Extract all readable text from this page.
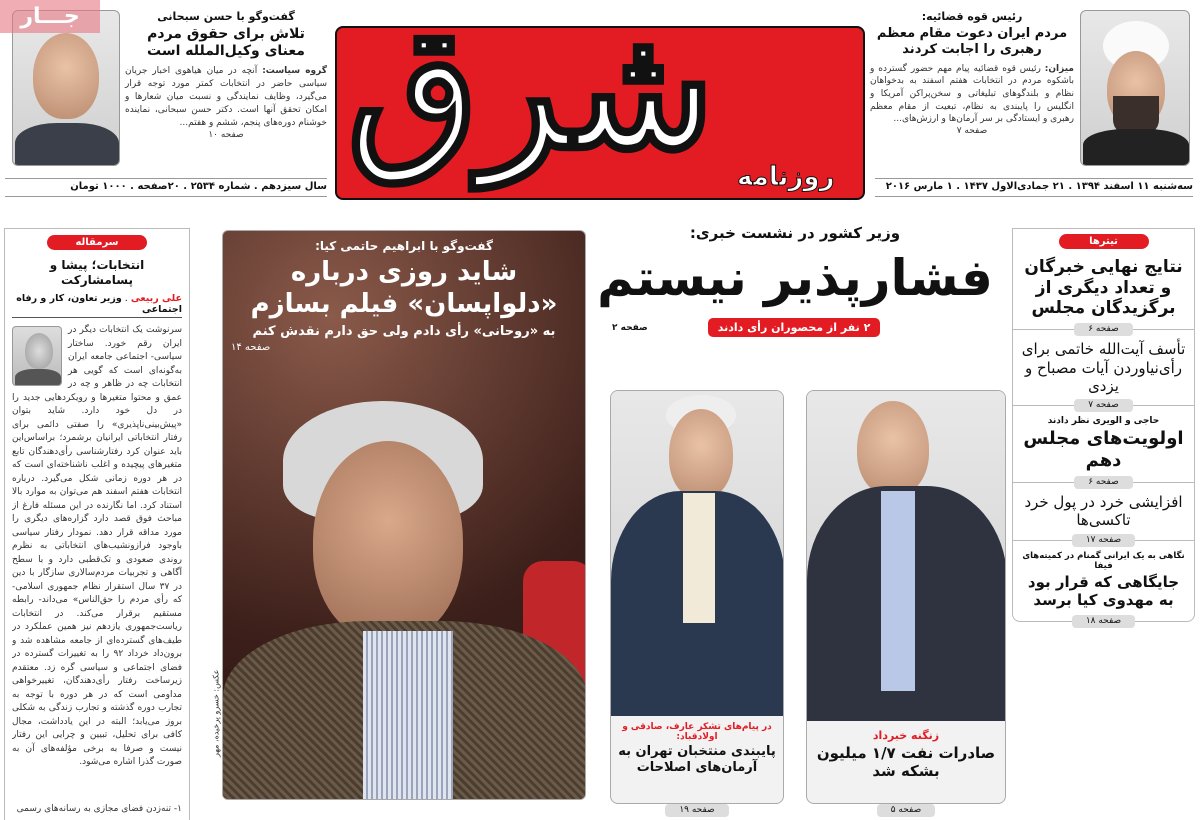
جـــار	گفت‌وگو با حسن سبحانی
تلاش برای حقوق مردم معنای وکیل‌الملله است
گروه سیاست: آنچه در میان هیاهوی اخبار جریان سیاسی حاضر در انتخابات کمتر مورد توجه قرار می‌گیرد، وظایف نمایندگی و نسبت میان شعارها و امکان تحقق آنها است. دکتر حسن سبحانی، نماینده خوشنام دوره‌های پنجم، ششم و هفتم...
صفحه ۱۰
سال سیزدهم . شماره ۲۵۳۴ . ۲۰صفحه . ۱۰۰۰ تومان شرق روزنامه
رئیس قوه قضائیه:
مردم ایران دعوت مقام معظم رهبری را اجابت کردند
میزان: رئیس قوه قضائیه پیام مهم حضور گسترده و باشکوه مردم در انتخابات هفتم اسفند به بدخواهان نظام و بلندگوهای تبلیغاتی و سخن‌پراکن آمریکا و انگلیس را پایبندی به نظام، تبعیت از مقام معظم رهبری و ایستادگی بر سر آرمان‌ها و ارزش‌های...
صفحه ۷
سه‌شنبه ۱۱ اسفند ۱۳۹۴ . ۲۱ جمادی‌الاول ۱۴۳۷ . ۱ مارس ۲۰۱۶
سرمقاله
انتخابات؛ پیشا و پسامشارکت
علی ربیعی . وزیر تعاون، کار و رفاه اجتماعی
سرنوشت یک انتخابات دیگر در ایران رقم خورد. ساختار سیاسی- اجتماعی جامعه ایران به‌گونه‌ای است که گویی هر انتخابات چه در ظاهر و چه در عمق و محتوا متغیرها و رویکردهایی جدید را در دل خود دارد. شاید بتوان «پیش‌بینی‌ناپذیری» را صفتی دائمی برای رفتار انتخاباتی ایرانیان برشمرد؛ براساس‌این باید عنوان کرد رفتارشناسی رأی‌دهندگان تابع متغیرهای پیچیده و اغلب ناشناخته‌ای است که در هر دوره زمانی شکل می‌گیرد. درباره انتخابات هفتم اسفند هم می‌توان به موارد بالا استناد کرد. اما نگارنده در این مسئله فارغ از مباحث فوق قصد دارد گزاره‌های دیگری را مورد مداقه قرار دهد. نمودار رفتار سیاسی باوجود فرازونشیب‌های انتخاباتی به نظرم روندی صعودی و تک‌قطبی دارد و با سطح آگاهی و تجربیات مردم‌سالاری سازگار با دین در ۳۷ سال استقرار نظام جمهوری اسلامی- که رأی مردم را حق‌الناس» می‌داند- رابطه مستقیم برقرار می‌کند. در انتخابات ریاست‌جمهوری یازدهم نیز همین عملکرد در طیف‌های گسترده‌ای از جامعه مشاهده شد و برون‌داد خرداد ۹۲ را به تغییرات گسترده در فضای اجتماعی و سیاسی گره زد. معتقدم زیرساخت رفتار رأی‌دهندگان، تغییرخواهی مداومی است که در هر دوره با توجه به تجارب دوره گذشته و تجارب زندگی به شکلی بروز می‌یابد؛ البته در این یادداشت، مجال کافی برای تحلیل، تبیین و چرایی این رفتار نیست و صرفا به برخی مؤلفه‌های آن به صورت گذرا اشاره می‌شود.
۱- تنه‌زدن فضای مجازی به رسانه‌های رسمی
گفت‌وگو با ابراهیم حاتمی کیا:
شاید روزی درباره «دلواپسان» فیلم بسازم
به «روحانی» رأی دادم ولی حق دارم نقدش کنم
صفحه ۱۴
عکس: خسرو پرخیده، مهر
وزیر کشور در نشست خبری:
فشارپذیر نیستم
۲ نفر از محصوران رأی دادند
صفحه ۲
زنگنه خبرداد
صادرات نفت ۱/۷ میلیون بشکه شد
صفحه ۵
در پیام‌های تشکر عارف، صادقی و اولادقباد:
پایبندی منتخبان تهران به آرمان‌های اصلاحات
صفحه ۱۹
تیترها
نتایج نهایی خبرگان و تعداد دیگری از برگزیدگان مجلس
صفحه ۶
تأسف آیت‌الله خاتمی برای رأی‌نیاوردن آیات مصباح و یزدی
صفحه ۷
حاجی و الویری نظر دادند
اولویت‌های مجلس دهم
صفحه ۶
افزایشی خرد در پول خرد تاکسی‌ها
صفحه ۱۷
نگاهی به یک ایرانی گمنام در کمیته‌های فیفا
جایگاهی که قرار بود به مهدوی کیا برسد
صفحه ۱۸
